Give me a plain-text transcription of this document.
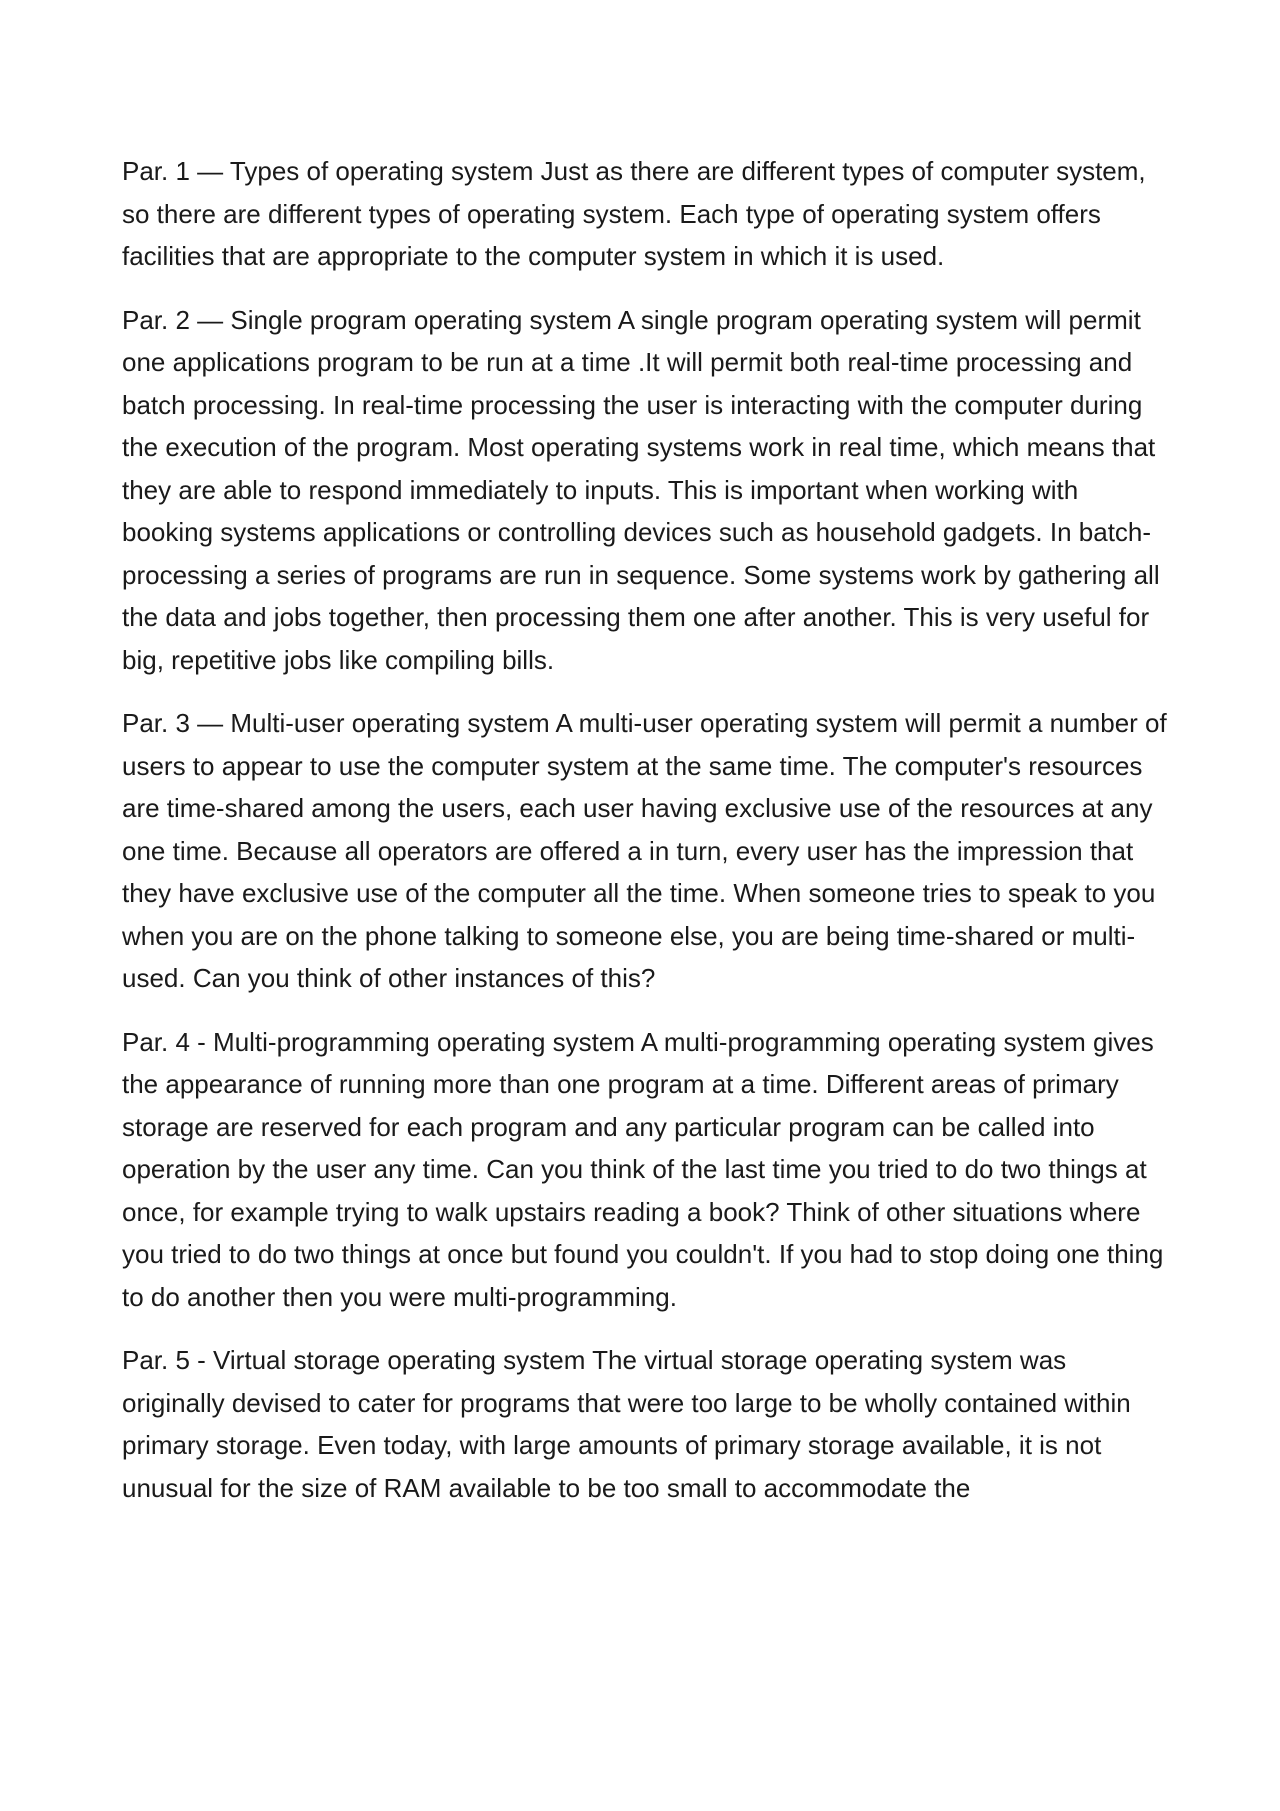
Par. 1 — Types of operating system Just as there are different types of computer system, so there are different types of operating system. Each type of operating system offers facilities that are appropriate to the computer system in which it is used.

Par. 2 — Single program operating system A single program operating system will permit one applications program to be run at a time .It will permit both real-time processing and batch processing. In real-time processing the user is interacting with the computer during the execution of the program. Most operating systems work in real time, which means that they are able to respond immediately to inputs. This is important when working with booking systems applications or controlling devices such as household gadgets. In batch-processing a series of programs are run in sequence. Some systems work by gathering all the data and jobs together, then processing them one after another. This is very useful for big, repetitive jobs like compiling bills.

Par. 3 — Multi-user operating system A multi-user operating system will permit a number of users to appear to use the computer system at the same time. The computer's resources are time-shared among the users, each user having exclusive use of the resources at any one time. Because all operators are offered a in turn, every user has the impression that they have exclusive use of the computer all the time. When someone tries to speak to you when you are on the phone talking to someone else, you are being time-shared or multi-used. Can you think of other instances of this?

Par. 4 - Multi-programming operating system A multi-programming operating system gives the appearance of running more than one program at a time. Different areas of primary storage are reserved for each program and any particular program can be called into operation by the user any time. Can you think of the last time you tried to do two things at once, for example trying to walk upstairs reading a book? Think of other situations where you tried to do two things at once but found you couldn't. If you had to stop doing one thing to do another then you were multi-programming.

Par. 5 - Virtual storage operating system The virtual storage operating system was originally devised to cater for programs that were too large to be wholly contained within primary storage. Even today, with large amounts of primary storage available, it is not unusual for the size of RAM available to be too small to accommodate the
